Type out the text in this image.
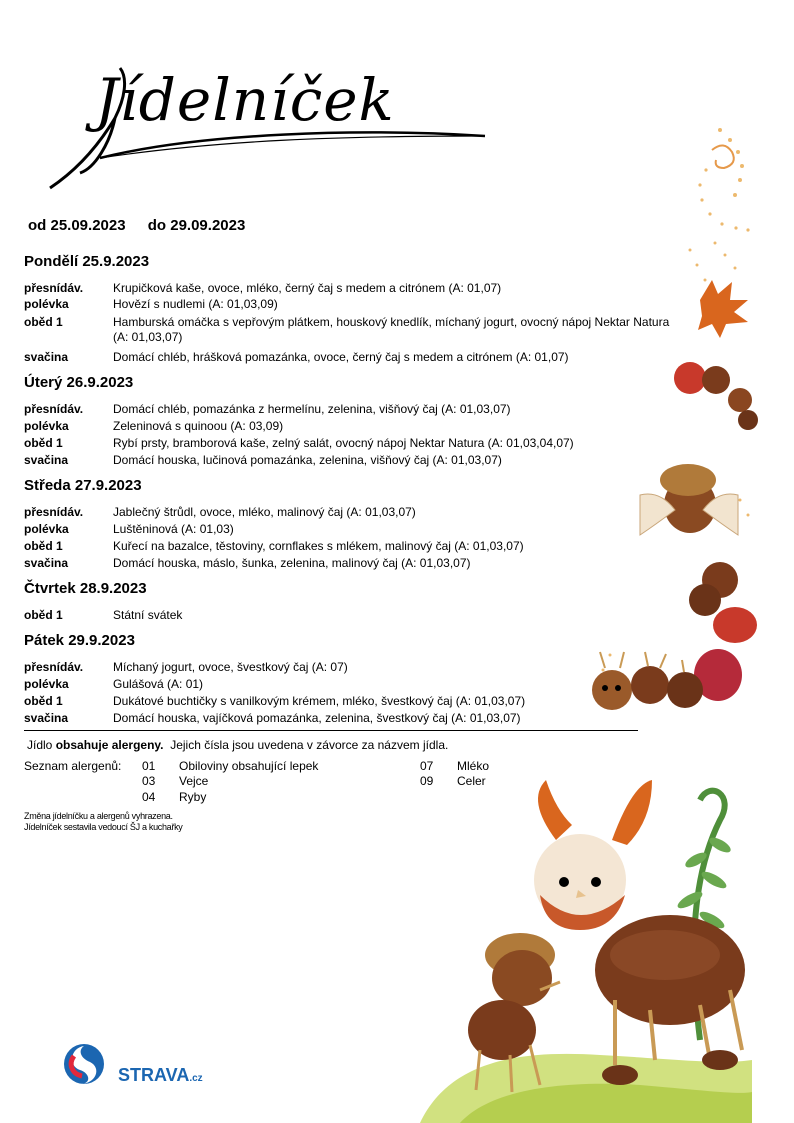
Jídelníček
od 25.09.2023 do 29.09.2023
Pondělí 25.9.2023
přesnídáv.	Krupičková kaše, ovoce, mléko, černý čaj s medem a citrónem (A: 01,07)
polévka	Hovězí s nudlemi (A: 01,03,09)
oběd 1	Hamburská omáčka s vepřovým plátkem, houskový knedlík, míchaný jogurt, ovocný nápoj Nektar Natura
(A: 01,03,07)
svačina	Domácí chléb, hrášková pomazánka, ovoce, černý čaj s medem a citrónem (A: 01,07)
Úterý 26.9.2023
přesnídáv.	Domácí chléb, pomazánka z hermelínu, zelenina, višňový čaj (A: 01,03,07)
polévka	Zeleninová s quinoou (A: 03,09)
oběd 1	Rybí prsty, bramborová kaše, zelný salát, ovocný nápoj Nektar Natura (A: 01,03,04,07)
svačina	Domácí houska, lučinová pomazánka, zelenina, višňový čaj (A: 01,03,07)
Středa 27.9.2023
přesnídáv.	Jablečný štrůdl, ovoce, mléko, malinový čaj (A: 01,03,07)
polévka	Luštěninová (A: 01,03)
oběd 1	Kuřecí na bazalce, těstoviny, cornflakes s mlékem, malinový čaj (A: 01,03,07)
svačina	Domácí houska, máslo, šunka, zelenina, malinový čaj (A: 01,03,07)
Čtvrtek 28.9.2023
oběd 1	Státní svátek
Pátek 29.9.2023
přesnídáv.	Míchaný jogurt, ovoce, švestkový čaj (A: 07)
polévka	Gulášová (A: 01)
oběd 1	Dukátové buchtičky s vanilkovým krémem, mléko, švestkový čaj (A: 01,03,07)
svačina	Domácí houska, vajíčková pomazánka, zelenina, švestkový čaj (A: 01,03,07)
Jídlo obsahuje alergeny. Jejich čísla jsou uvedena v závorce za názvem jídla.
Seznam alergenů: 01 Obiloviny obsahující lepek
03 Vejce
04 Ryby
07 Mléko
09 Celer
Změna jídelníčku a alergenů vyhrazena.
Jídelníček sestavila vedoucí ŠJ a kuchařky
STRAVA.cz
